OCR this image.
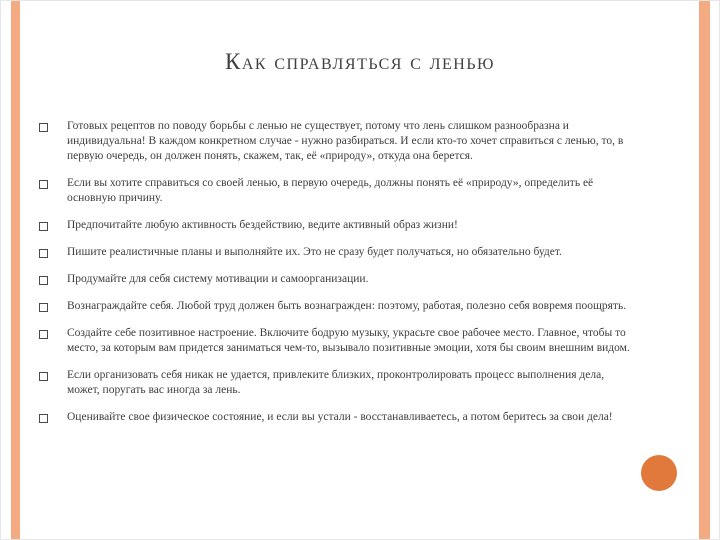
Как справляться с ленью
Готовых рецептов по поводу борьбы с ленью не существует, потому что лень слишком разнообразна и индивидуальна! В каждом конкретном случае - нужно разбираться. И если кто-то хочет справиться с ленью, то, в первую очередь, он должен понять, скажем, так, её «природу», откуда она берется.
Если вы хотите справиться со своей ленью, в первую очередь, должны понять её «природу», определить её основную причину.
Предпочитайте любую активность бездействию, ведите активный образ жизни!
Пишите реалистичные планы и выполняйте их. Это не сразу будет получаться, но обязательно будет.
Продумайте для себя систему мотивации и самоорганизации.
Вознаграждайте себя. Любой труд должен быть вознагражден: поэтому, работая, полезно себя вовремя поощрять.
Создайте себе позитивное настроение. Включите бодрую музыку, украсьте свое рабочее место. Главное, чтобы то место, за которым вам придется заниматься чем-то, вызывало позитивные эмоции, хотя бы своим внешним видом.
Если организовать себя никак не удается, привлеките близких, проконтролировать процесс выполнения дела, может, поругать вас иногда за лень.
Оценивайте свое физическое состояние, и если вы устали - восстанавливаетесь, а потом беритесь за свои дела!
